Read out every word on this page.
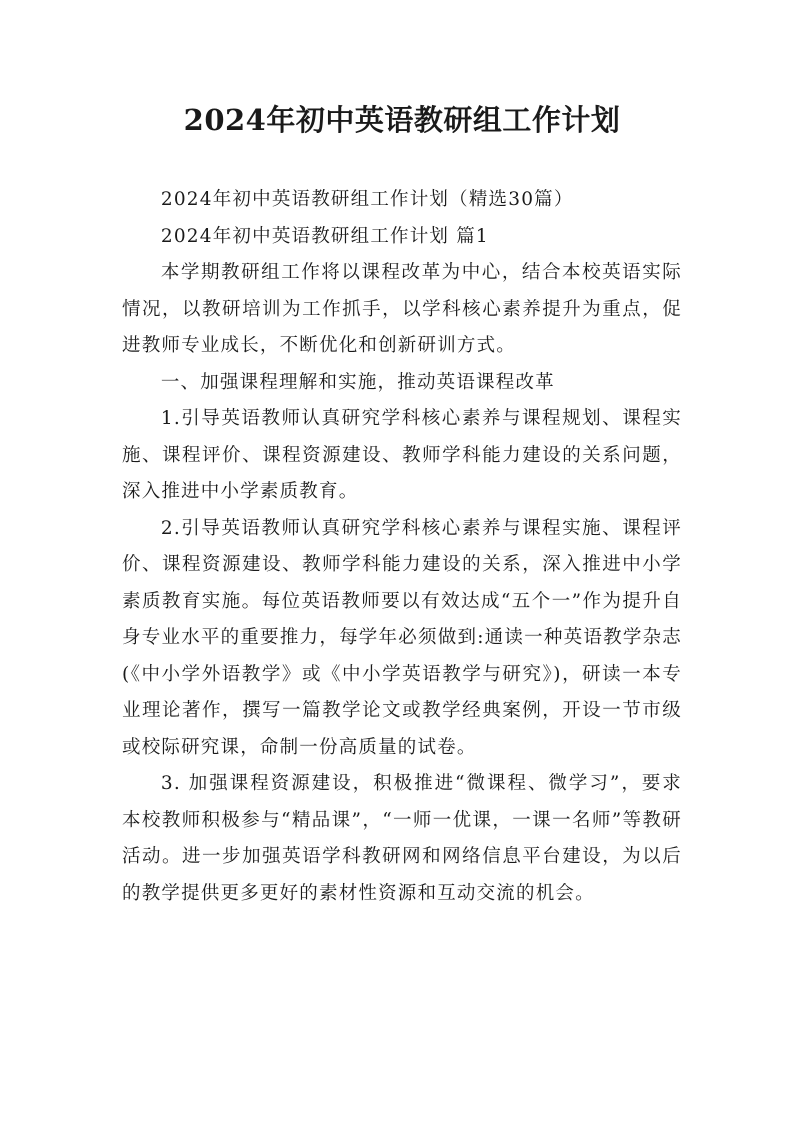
2024年初中英语教研组工作计划

2024年初中英语教研组工作计划（精选30篇）

2024年初中英语教研组工作计划 篇1

本学期教研组工作将以课程改革为中心，结合本校英语实际情况，以教研培训为工作抓手，以学科核心素养提升为重点，促进教师专业成长，不断优化和创新研训方式。

一、加强课程理解和实施，推动英语课程改革

1.引导英语教师认真研究学科核心素养与课程规划、课程实施、课程评价、课程资源建设、教师学科能力建设的关系问题，深入推进中小学素质教育。

2.引导英语教师认真研究学科核心素养与课程实施、课程评价、课程资源建设、教师学科能力建设的关系，深入推进中小学素质教育实施。每位英语教师要以有效达成“五个一”作为提升自身专业水平的重要推力，每学年必须做到:通读一种英语教学杂志(《中小学外语教学》或《中小学英语教学与研究》)，研读一本专业理论著作，撰写一篇教学论文或教学经典案例，开设一节市级或校际研究课，命制一份高质量的试卷。

3. 加强课程资源建设，积极推进“微课程、微学习”，要求本校教师积极参与“精品课”，“一师一优课，一课一名师”等教研活动。进一步加强英语学科教研网和网络信息平台建设，为以后的教学提供更多更好的素材性资源和互动交流的机会。
